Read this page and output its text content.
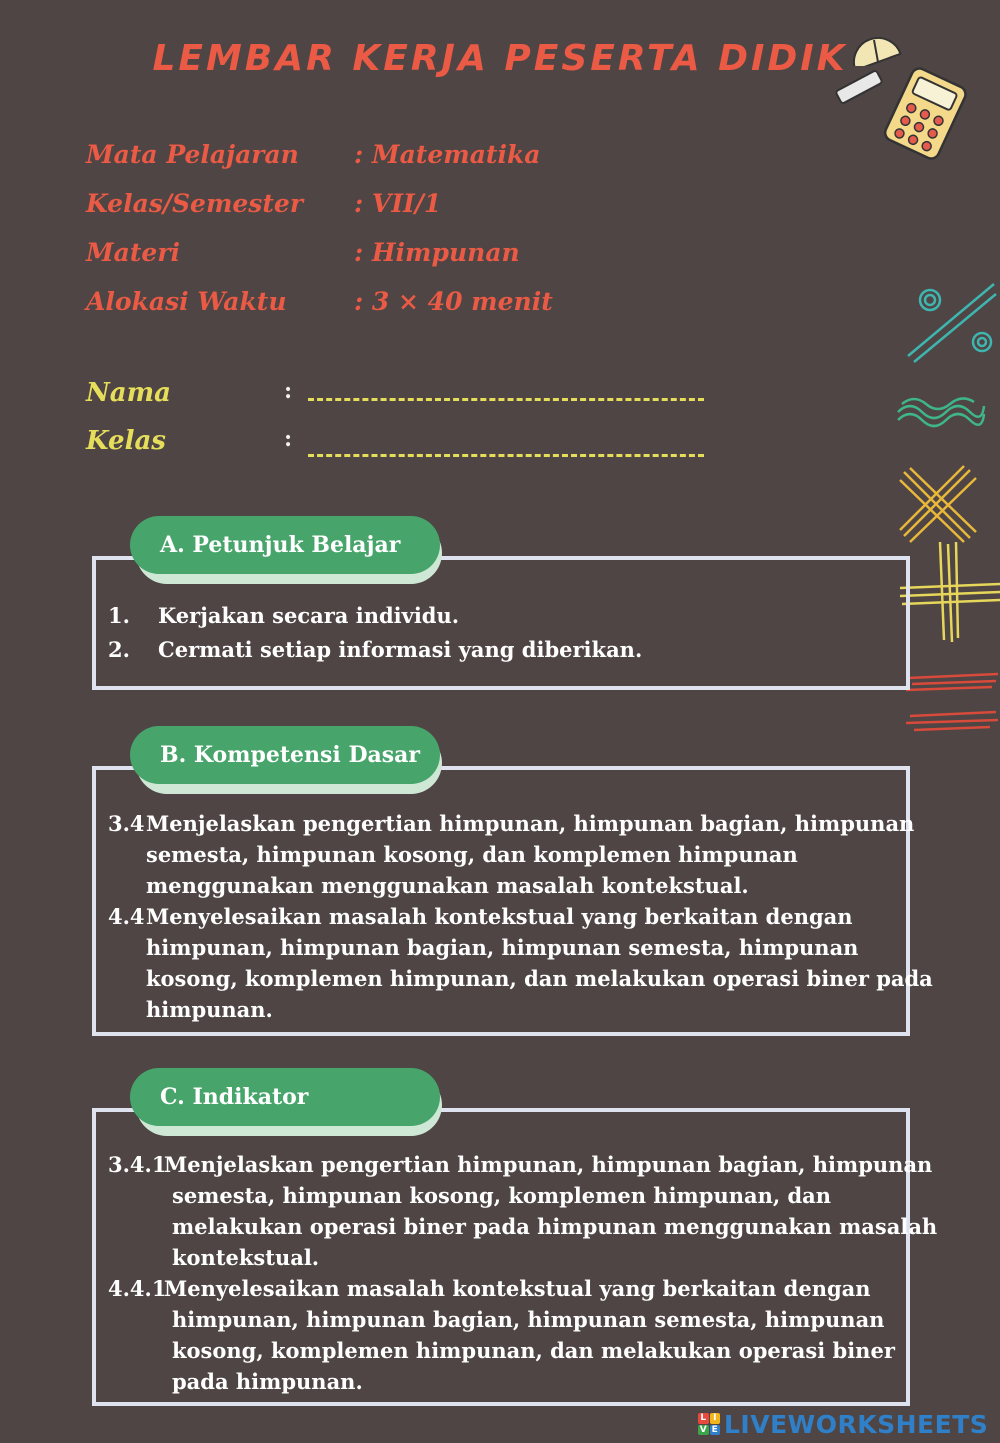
LEMBAR KERJA PESERTA DIDIK
Mata Pelajaran	: Matematika
Kelas/Semester	: VII/1
Materi	: Himpunan
Alokasi Waktu	: 3 × 40 menit
Nama	:
Kelas	:
A. Petunjuk Belajar
1. Kerjakan secara individu.
2. Cermati setiap informasi yang diberikan.
B. Kompetensi Dasar
3.4 Menjelaskan pengertian himpunan, himpunan bagian, himpunan
semesta, himpunan kosong, dan komplemen himpunan
menggunakan menggunakan masalah kontekstual.
4.4 Menyelesaikan masalah kontekstual yang berkaitan dengan
himpunan, himpunan bagian, himpunan semesta, himpunan
kosong, komplemen himpunan, dan melakukan operasi biner pada
himpunan.
C. Indikator
3.4.1
Menjelaskan pengertian himpunan, himpunan bagian, himpunan
semesta, himpunan kosong, komplemen himpunan, dan
melakukan operasi biner pada himpunan menggunakan masalah
kontekstual.
4.4.1
Menyelesaikan masalah kontekstual yang berkaitan dengan
himpunan, himpunan bagian, himpunan semesta, himpunan
kosong, komplemen himpunan, dan melakukan operasi biner
pada himpunan.
L I
V E LIVEWORKSHEETS
